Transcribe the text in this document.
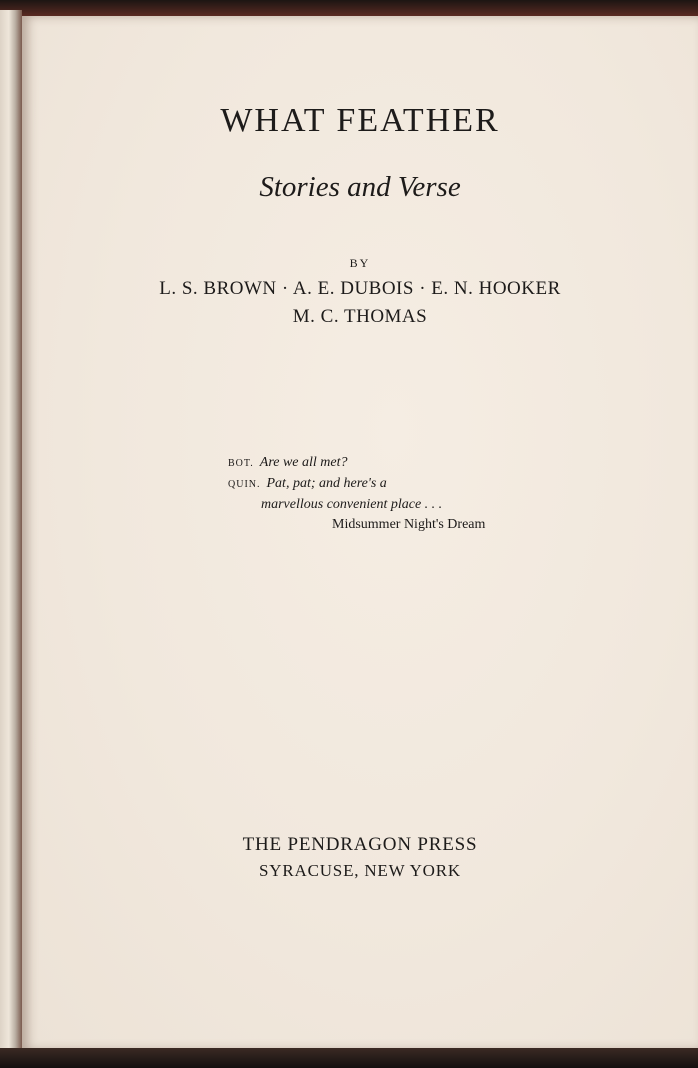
WHAT FEATHER
Stories and Verse
BY
L. S. BROWN · A. E. DUBOIS · E. N. HOOKER
M. C. THOMAS
BOT. Are we all met?
QUIN. Pat, pat; and here's a
marvellous convenient place . . .
Midsummer Night's Dream
THE PENDRAGON PRESS
SYRACUSE, NEW YORK
